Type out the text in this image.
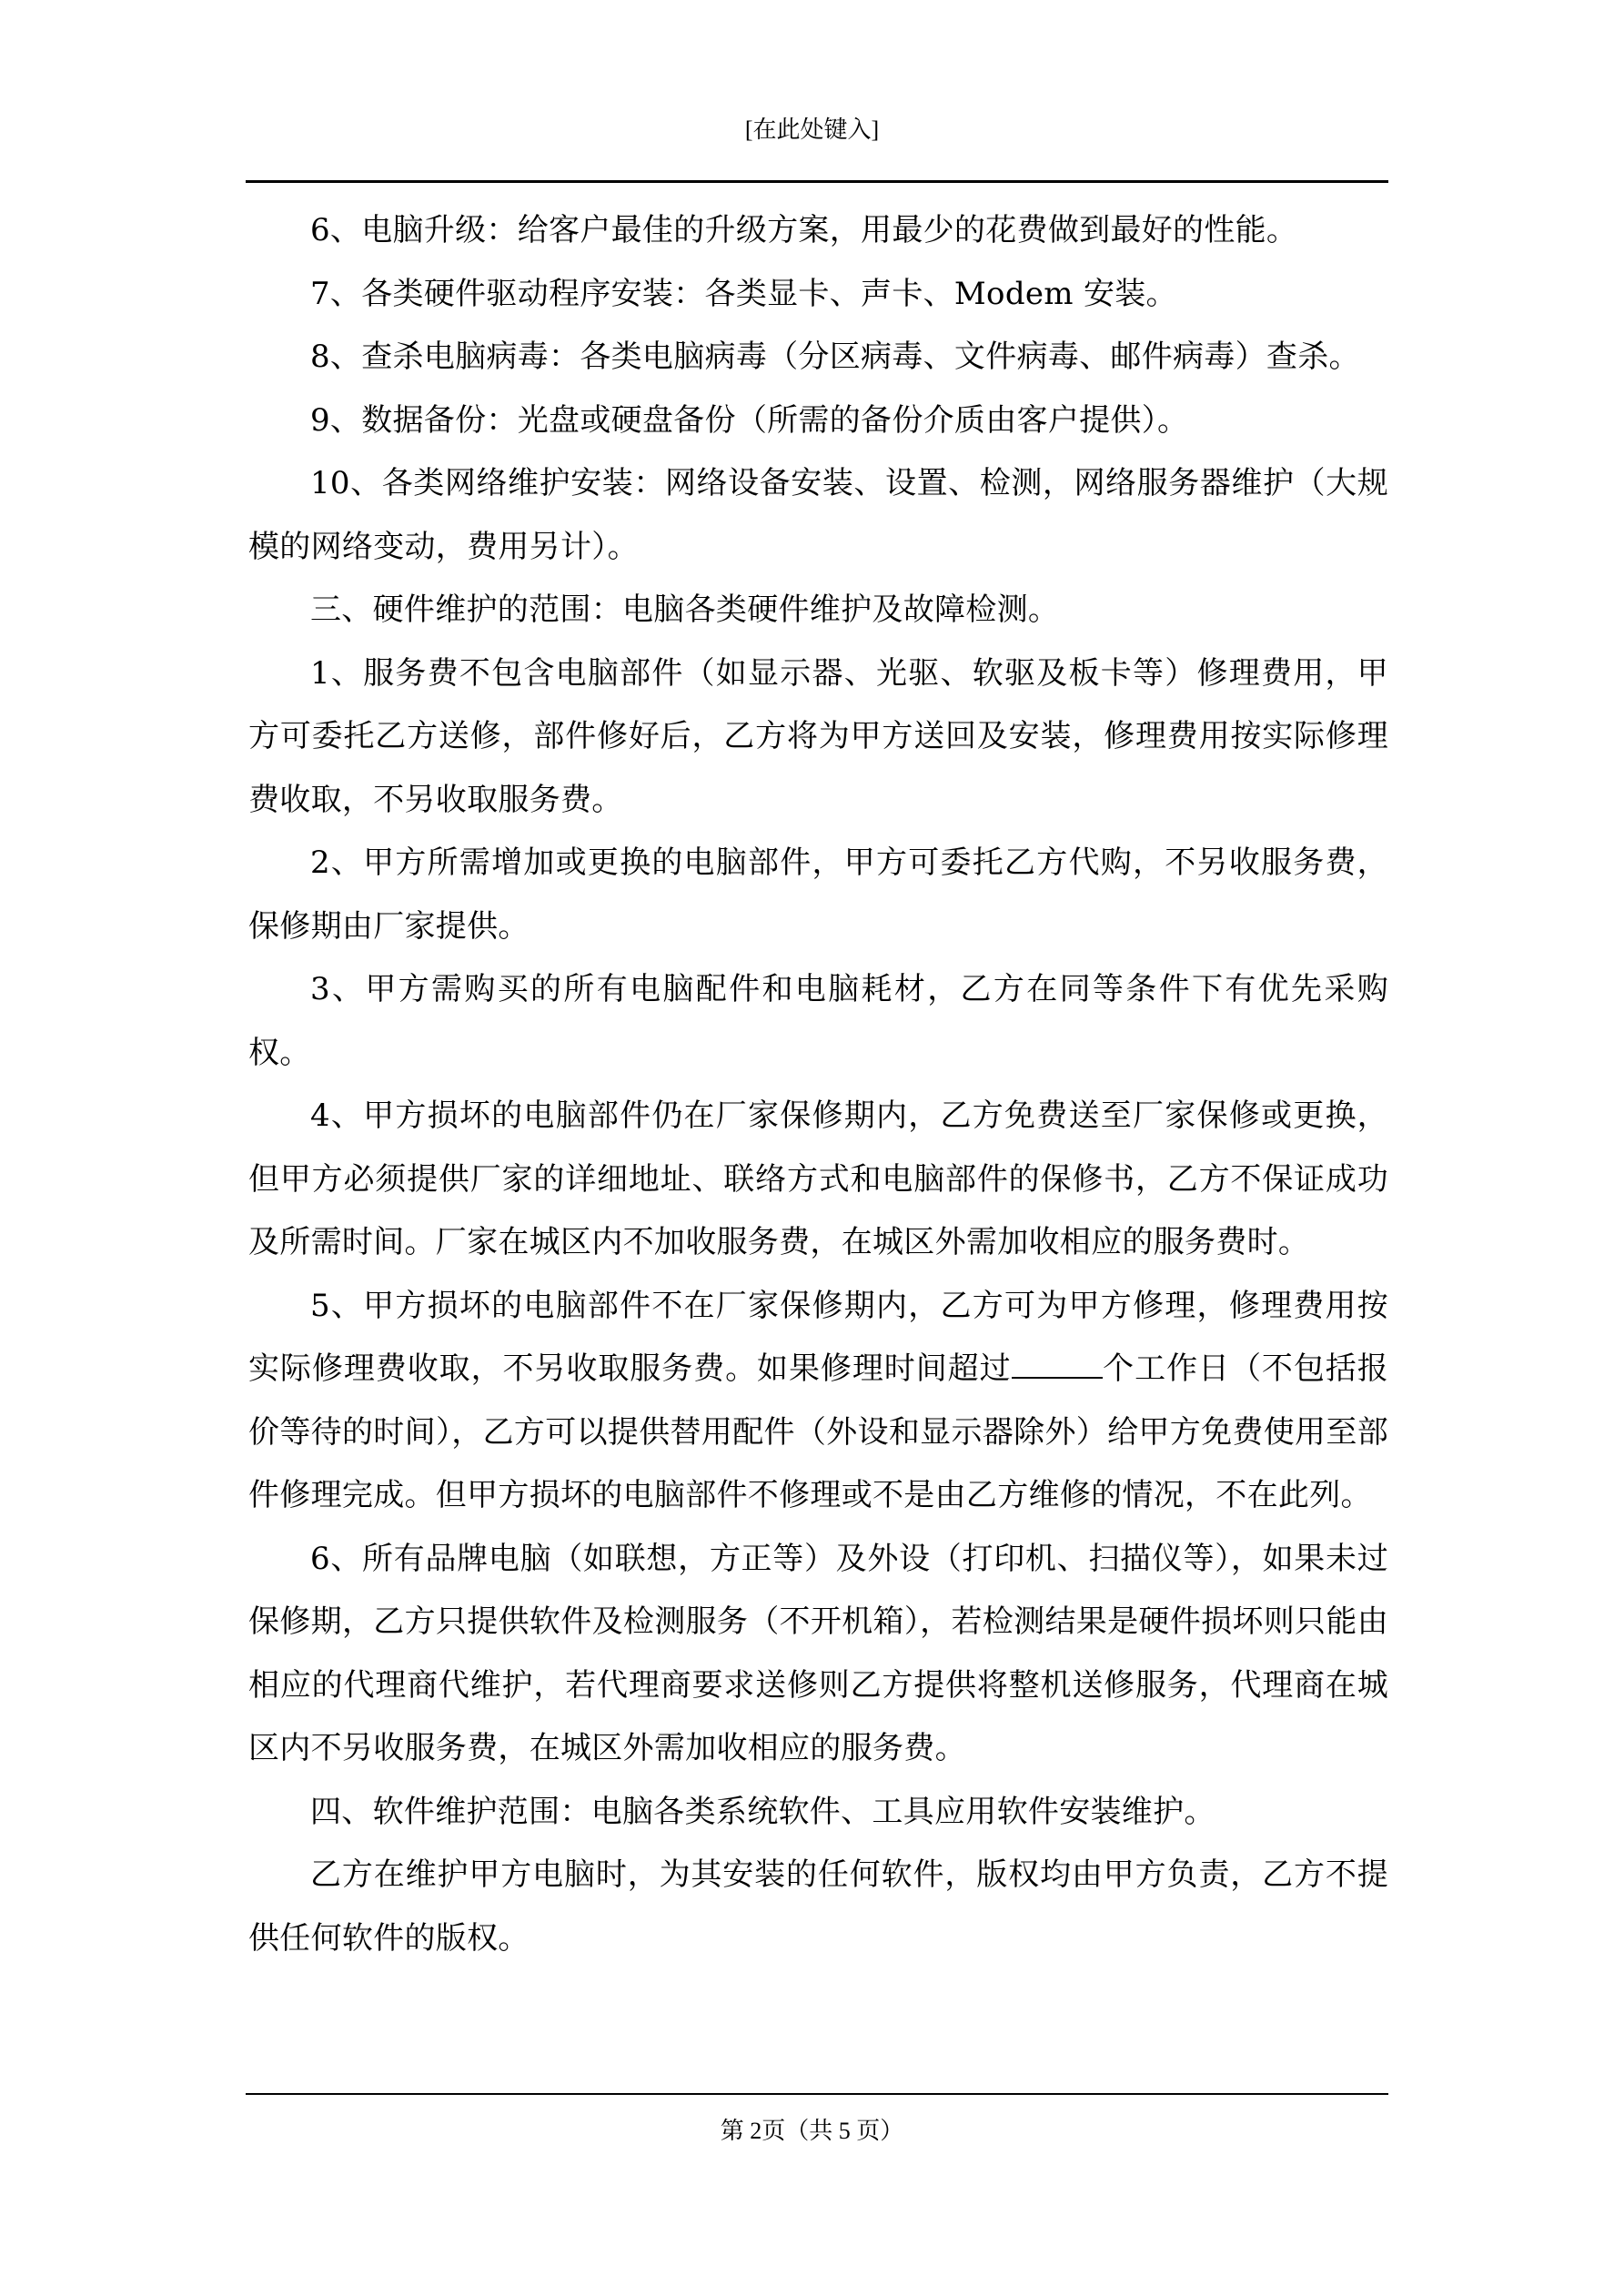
[在此处键入]

6、电脑升级：给客户最佳的升级方案，用最少的花费做到最好的性能。

7、各类硬件驱动程序安装：各类显卡、声卡、Modem 安装。

8、查杀电脑病毒：各类电脑病毒（分区病毒、文件病毒、邮件病毒）查杀。

9、数据备份：光盘或硬盘备份（所需的备份介质由客户提供）。

10、各类网络维护安装：网络设备安装、设置、检测，网络服务器维护（大规模的网络变动，费用另计）。

三、硬件维护的范围：电脑各类硬件维护及故障检测。

1、服务费不包含电脑部件（如显示器、光驱、软驱及板卡等）修理费用，甲方可委托乙方送修，部件修好后，乙方将为甲方送回及安装，修理费用按实际修理费收取，不另收取服务费。

2、甲方所需增加或更换的电脑部件，甲方可委托乙方代购，不另收服务费，保修期由厂家提供。

3、甲方需购买的所有电脑配件和电脑耗材，乙方在同等条件下有优先采购权。

4、甲方损坏的电脑部件仍在厂家保修期内，乙方免费送至厂家保修或更换，但甲方必须提供厂家的详细地址、联络方式和电脑部件的保修书，乙方不保证成功及所需时间。厂家在城区内不加收服务费，在城区外需加收相应的服务费时。

5、甲方损坏的电脑部件不在厂家保修期内，乙方可为甲方修理，修理费用按实际修理费收取，不另收取服务费。如果修理时间超过	个工作日（不包括报价等待的时间），乙方可以提供替用配件（外设和显示器除外）给甲方免费使用至部件修理完成。但甲方损坏的电脑部件不修理或不是由乙方维修的情况，不在此列。

6、所有品牌电脑（如联想，方正等）及外设（打印机、扫描仪等），如果未过保修期，乙方只提供软件及检测服务（不开机箱），若检测结果是硬件损坏则只能由相应的代理商代维护，若代理商要求送修则乙方提供将整机送修服务，代理商在城区内不另收服务费，在城区外需加收相应的服务费。

四、软件维护范围：电脑各类系统软件、工具应用软件安装维护。

乙方在维护甲方电脑时，为其安装的任何软件，版权均由甲方负责，乙方不提供任何软件的版权。

第 2页（共 5 页）
